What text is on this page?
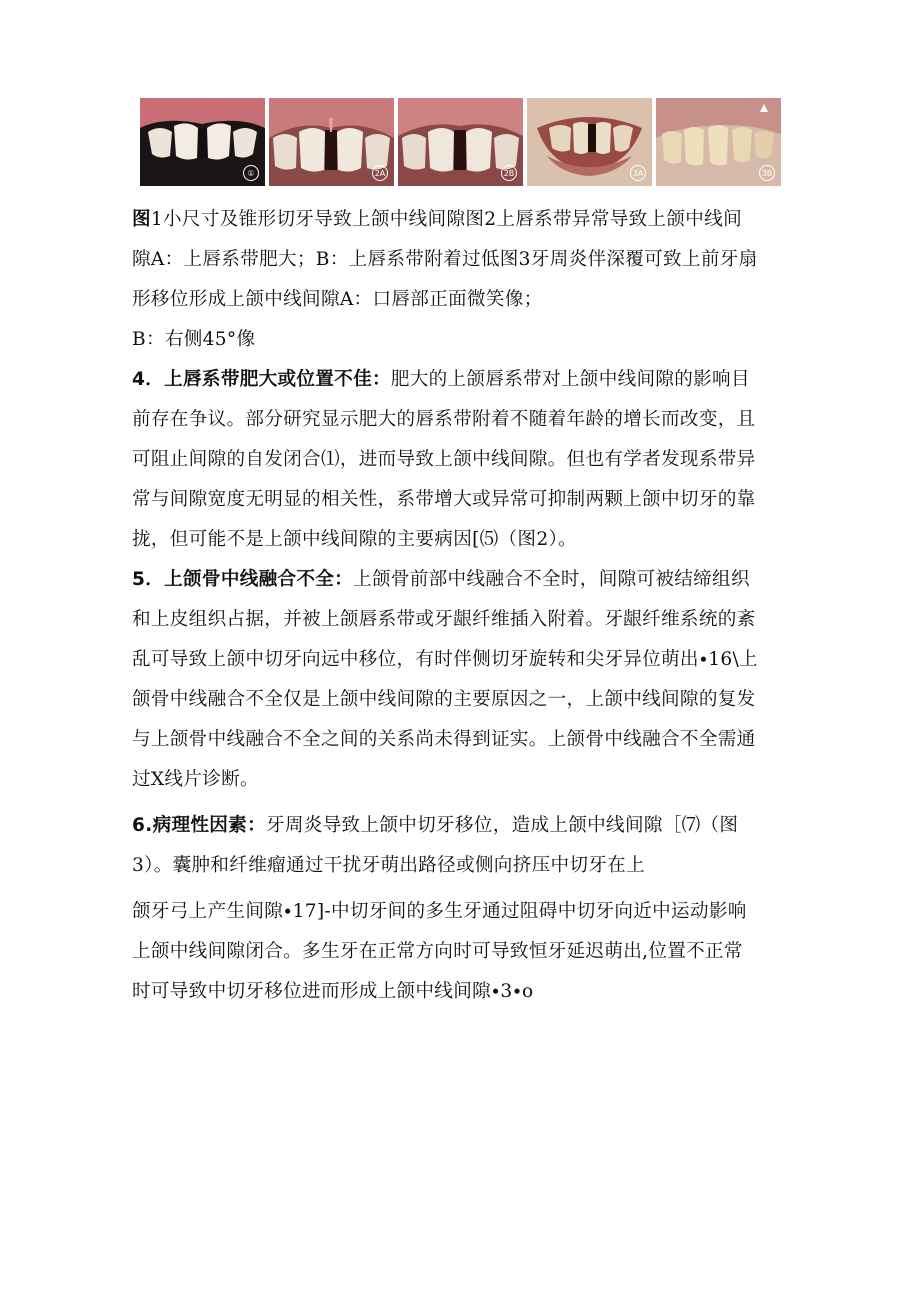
①	2A	2B	3A	3B
图1小尺寸及锥形切牙导致上颌中线间隙图2上唇系带异常导致上颌中线间
隙A：上唇系带肥大；B：上唇系带附着过低图3牙周炎伴深覆可致上前牙扇
形移位形成上颌中线间隙A：口唇部正面微笑像；
B：右侧45°像
4．上唇系带肥大或位置不佳：肥大的上颌唇系带对上颌中线间隙的影响目
前存在争议。部分研究显示肥大的唇系带附着不随着年龄的增长而改变，且
可阻止间隙的自发闭合⑴，进而导致上颌中线间隙。但也有学者发现系带异
常与间隙宽度无明显的相关性，系带增大或异常可抑制两颗上颌中切牙的靠
拢，但可能不是上颌中线间隙的主要病因[⑸（图2）。
5．上颌骨中线融合不全：上颌骨前部中线融合不全时，间隙可被结缔组织
和上皮组织占据，并被上颌唇系带或牙龈纤维插入附着。牙龈纤维系统的紊
乱可导致上颌中切牙向远中移位，有时伴侧切牙旋转和尖牙异位萌出∙16\上
颌骨中线融合不全仅是上颌中线间隙的主要原因之一，上颌中线间隙的复发
与上颌骨中线融合不全之间的关系尚未得到证实。上颌骨中线融合不全需通
过X线片诊断。
6.病理性因素：牙周炎导致上颌中切牙移位，造成上颌中线间隙［⑺（图
3）。囊肿和纤维瘤通过干扰牙萌出路径或侧向挤压中切牙在上
颌牙弓上产生间隙∙17]-中切牙间的多生牙通过阻碍中切牙向近中运动影响
上颌中线间隙闭合。多生牙在正常方向时可导致恒牙延迟萌出,位置不正常
时可导致中切牙移位进而形成上颌中线间隙∙3∙o
